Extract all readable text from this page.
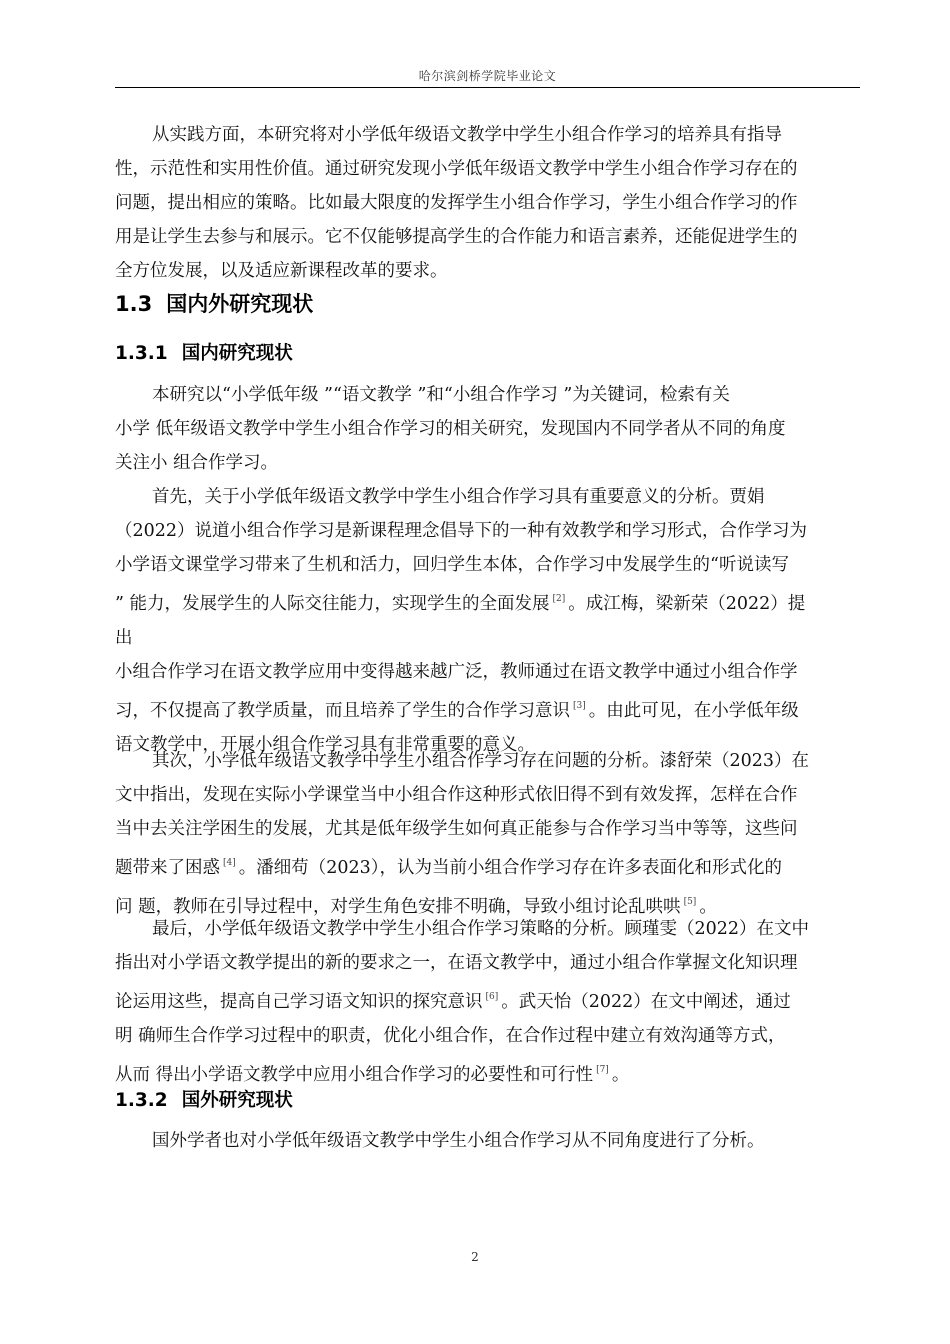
哈尔滨剑桥学院毕业论文

从实践方面，本研究将对小学低年级语文教学中学生小组合作学习的培养具有指导

性，示范性和实用性价值。通过研究发现小学低年级语文教学中学生小组合作学习存在的

问题，提出相应的策略。比如最大限度的发挥学生小组合作学习，学生小组合作学习的作

用是让学生去参与和展示。它不仅能够提高学生的合作能力和语言素养，还能促进学生的

全方位发展，以及适应新课程改革的要求。

1.3 国内外研究现状
1.3.1 国内研究现状

本研究以“小学低年级 ”“语文教学 ”和“小组合作学习 ”为关键词，检索有关

小学 低年级语文教学中学生小组合作学习的相关研究，发现国内不同学者从不同的角度

关注小 组合作学习。

首先，关于小学低年级语文教学中学生小组合作学习具有重要意义的分析。贾娟

（2022）说道小组合作学习是新课程理念倡导下的一种有效教学和学习形式，合作学习为

小学语文课堂学习带来了生机和活力，回归学生本体，合作学习中发展学生的“听说读写

” 能力，发展学生的人际交往能力，实现学生的全面发展 [2] 。成江梅，梁新荣（2022）提

出

小组合作学习在语文教学应用中变得越来越广泛，教师通过在语文教学中通过小组合作学

习，不仅提高了教学质量，而且培养了学生的合作学习意识 [3] 。由此可见，在小学低年级

语文教学中，开展小组合作学习具有非常重要的意义。

其次，小学低年级语文教学中学生小组合作学习存在问题的分析。漆舒荣（2023）在

文中指出，发现在实际小学课堂当中小组合作这种形式依旧得不到有效发挥，怎样在合作

当中去关注学困生的发展，尤其是低年级学生如何真正能参与合作学习当中等等，这些问

题带来了困惑 [4] 。潘细苟（2023），认为当前小组合作学习存在许多表面化和形式化的

问 题，教师在引导过程中，对学生角色安排不明确，导致小组讨论乱哄哄 [5] 。

最后，小学低年级语文教学中学生小组合作学习策略的分析。顾瑾雯（2022）在文中

指出对小学语文教学提出的新的要求之一，在语文教学中，通过小组合作掌握文化知识理

论运用这些，提高自己学习语文知识的探究意识 [6] 。武天怡（2022）在文中阐述，通过

明 确师生合作学习过程中的职责，优化小组合作，在合作过程中建立有效沟通等方式，

从而 得出小学语文教学中应用小组合作学习的必要性和可行性 [7] 。

1.3.2 国外研究现状

国外学者也对小学低年级语文教学中学生小组合作学习从不同角度进行了分析。

2
